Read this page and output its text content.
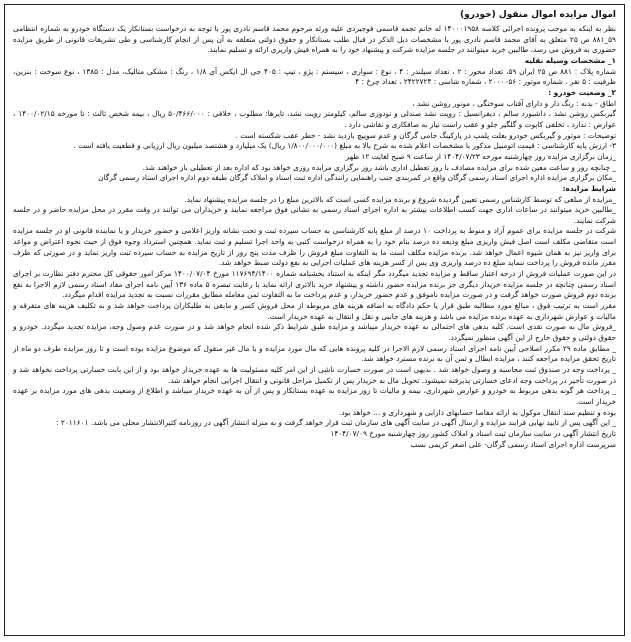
اموال مزایده اموال منقول (خودرو)

نظر به اینکه به موجب پرونده اجرائی کلاسه ۱۴۰۰۰۱۹۵۸ له خانم تجمه قاسمی فوجیردی علیه ورثه مرحوم محمد قاسم نادری پور با توجه به درخواست بستانکار یک دستگاه خودرو به شماره انتظامی ۵۹_۸۸۱ ص ۲۵ متعلق به آقای محمد قاسم نادری پور با مشخصات ذیل الذکر در قبال طلب بستانکار و حقوق دولتی متعلقه به آن پس از انجام کارشناسی و طی تشریفات قانونی از طریق مزایده حضوری به فروش می رسد، طالبین خرید میتوانند در جلسه مزایده شرکت و پیشنهاد خود را به همراه فیش واریزی ارائه و تسلیم نمایند.

۱_ مشخصات وسیله نقلیه

شماره پلاک : ۸۸۱ ص ۲۵ ایران ۵۹، تعداد محور : ۲ ، تعداد سیلندر : ۴ ، نوع : سواری ، سیستم : پژو ، تیپ : ۴۰۵ جی ال ایکس آی ۱/۸ ، رنگ : مشکی متالیک، مدل : ۱۳۸۵ ، نوع سوخت : بنزین، ظرفیت : ۵ نفر ، شماره موتور : ۲۰۰۰۰۵۶ ، شماره شاسی : ۲۴۲۲۷۲۴ ، تعداد چرخ : ۴

۲_ وضعیت خودرو :

اطاق - بدنه : رنگ دار و دارای آفتاب سوختگی ، موتور روشن نشد ،

گیربکس روشن نشد ، داشبورد سالم ، دیفرانسیل : رویت نشد صندلی و تودوزی سالم، کیلومتر رویت نشد، تایرها: مطلوب ، خلافی : ۵۰/۴۶۶/۰۰۰ ریال ، بیمه شخص ثالث : تا مورخه ۱۴۰۰/۰۲/۱۵ ، عوارض : ندارد ، تخلفی کاپوت و گلگیر جلو و عقب راست نیاز به صافکاری و نقاشی دارد .

توضیحات : موتور و گیربکس خودرو بعلت پلمپ در پارکینگ جامی گرگان و عدم سوییچ بازدید نشد - خطر عقب شکسته است .

۳- ارزش پایه کارشناسی : قیمت اتومبیل مذکور با مشخصات اعلام شده به شرح بالا به مبلغ (۱/۸۰۰/۰۰۰/۰۰۰ ریال) یک میلیارد و هشتصد میلیون ریال ارزیابی و قطعیت یافته است .

_زمان برگزاری مزایده روز چهارشنبه مورخه ۱۴۰۴/۰۷/۲۳ از ساعت ۹ صبح لغایت ۱۲ ظهر

_ چنانچه روز و ساعت معین شده برای مزایده مصادف با روز تعطیل اداری باشد روز برگزاری مزایده روزی خواهد بود که اداره بعد از تعطیلی باز خواهند شد.

_مکان برگزاری مزایده اداره اجرای اسناد رسمی گرگان واقع در کمربندی جنب راهنمایی رانندگی اداره ثبت اسناد و املاک گرگان طبقه دوم اداره اجرای اسناد رسمی گرگان

شرایط مزایده:

_مزایده از مبلغی که توسط کارشناس رسمی تعیین گردیده شروع و برنده مزایده کسی است که بالاترین مبلغ را در جلسه مزایده پیشنهاد نماید.

_طالبین خرید میتوانند در ساعات اداری جهت کسب اطلاعات بیشتر به اداره اجرای اسناد رسمی به نشانی فوق مراجعه نمایند و خریداران می توانند در وقت مقرر در محل مزایده حاضر و در جلسه شرکت نمایند.

شرکت در جلسه مزایده برای عموم آزاد و منوط به پرداخت ۱۰ درصد از مبلغ پایه کارشناسی به حساب سپرده ثبت و تحت نشانه واریز اعلامی و حضور خریدار و یا نماینده قانونی او در جلسه مزایده است متقاضی مکلف است اصل فیش واریزی مبلغ ودیعه ده درصد بنام خود را به همراه درخواست کتبی به واحد اجرا تسلیم و ثبت نماید. همچنین استرداد وجوه فوق از حیث نحوه اعتراض و مواعد برای واریز نیز به همان شیوه اعمال خواهد شد. برنده مزایده مکلف است ما به التفاوت مبلغ فروش را ظرف مدت پنج روز از تاریخ مزایده به حساب سپرده ثبت واریز نماید و در صورتی که ظرف مقرر مانده فروش را پرداخت ننماید مبلغ ده درصد واریزی وی پس از کسر هزینه های عملیات اجرایی به نفع دولت ضبط خواهد شد.

در این صورت عملیات فروش از درجه اعتبار ساقط و مزایده تجدید میگردد مگر اینکه به استناد بخشنامه شماره ۱۱۷۶۹۴/۱۴۰۰ مورخ ۱۴۰۰/۰۷/۰۴ مرکز امور حقوقی کل محترم دفتر نظارت بر اجرای اسناد رسمی چنانچه در جلسه مزایده خریدار دیگری جز برنده مزایده حضور داشته و پیشنهاد خرید بالاتری ارائه نماید با رعایت تبصره ۵ ماده ۱۳۶ آیین نامه اجرای مفاد اسناد رسمی لازم الاجرا به نفع برنده دوم فروش صورت خواهد گرفت و در صورت مزایده ناموفق و عدم حضور خریدار، و عدم پرداخت ما به التفاوت ثمن معامله مطابق مقررات نسبت به تجدید مزایده اقدام میگردد.

مقرر است به ترتیب فوق ، مبالغ مورد مطالبه طبق قرار یا حکم دادگاه به اضافه هزینه های مربوطه از محل فروش کسر و مابقی به طلبکاران پرداخت خواهد شد و به تکلیف هزینه های متفرقه و مالیات و عوارض شهرداری به عهده برنده مزایده می باشد و هزینه های جانبی و نقل و انتقال به عهده خریدار است.

_فروش مال به صورت نقدی است. کلیه بدهی های احتمالی به عهده خریدار میباشد و مزایده طبق شرایط ذکر شده انجام خواهد شد و در صورت عدم وصول وجه، مزایده تجدید میگردد. خودرو و حقوق دولتی و حقوق خارج از این آگهی منظور نمیگردد.

_ مطابق ماده ۲۹ مکرر اصلاحی آیین نامه اجرای اسناد رسمی لازم الاجرا در کلیه پرونده هایی که مال مورد مزایده و یا مال غیر منقول که موضوع مزایده بوده است و تا روز مزایده طرف دو ماه از تاریخ تحقق مزایده مراجعه کنند ، مزایده ابطال و ثمن آن به برنده مسترد خواهد شد.

_ پرداخت وجه در صندوق ثبت محاسبه و وصول خواهد شد . بدیهی است در صورت خسارت ناشی از این امر کلیه مسئولیت ها به عهده خریدار خواهد بود و از این بابت خسارتی پرداخت نخواهد شد و در صورت تأخیر در پرداخت وجه ادعای خسارتی پذیرفته نمیشود. تحویل مال به خریدار پس از تکمیل مراحل قانونی و انتقال اجرایی انجام خواهد شد.

_ پرداخت هر گونه بدهی مربوط به خودرو و عوارض شهرداری، بیمه و مالیات تا روز مزایده به عهده بستانکار و پس از آن به عهده خریدار میباشد و اطلاع از وضعیت بدهی های مورد مزایده بر عهده خریدار است.

بوده و تنظیم سند انتقال موکول به ارائه مفاصا حسابهای دارایی و شهرداری و ... خواهد بود.

_ این آگهی پس از تایید نهایی فرایند مزایده و ارسال آگهی در سایت آگهی های سازمان ثبت قرار خواهد گرفت و به منزله انتشار آگهی در روزنامه کثیرالانتشار محلی می باشد. ۲۰۱۱۶۰۱ :

تاریخ انتشار آگهی در سایت سازمان ثبت اسناد و املاک کشور روز چهارشنبه مورخ ۱۴۰۴/۰۷/۰۹

سرپرست اداره اجرای اسناد رسمی گرگان- علی اصغر کریمی نسب
